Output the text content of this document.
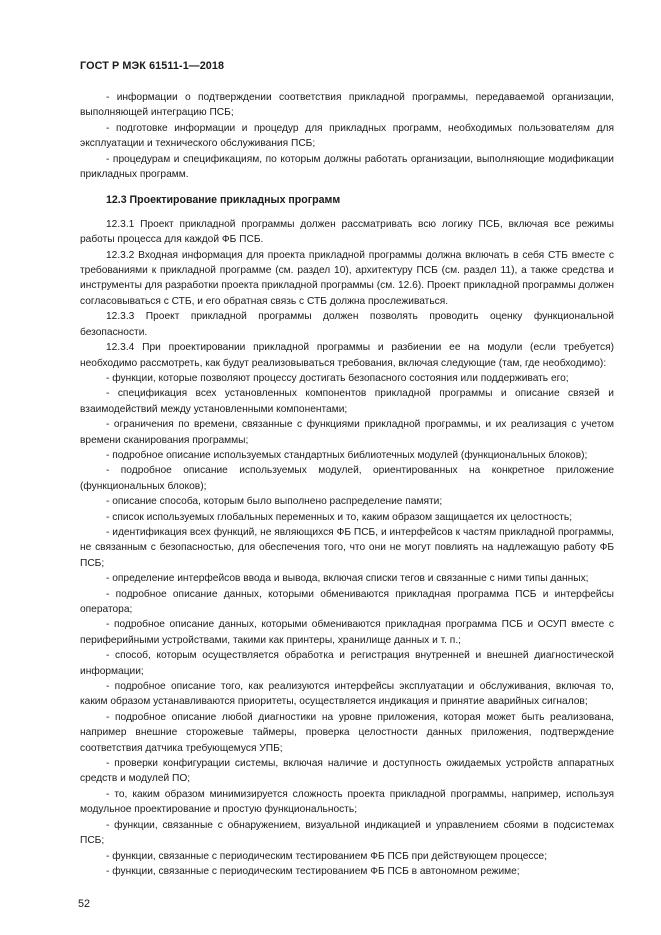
ГОСТ Р МЭК 61511-1—2018

- информации о подтверждении соответствия прикладной программы, передаваемой организации, выполняющей интеграцию ПСБ;

- подготовке информации и процедур для прикладных программ, необходимых пользователям для эксплуатации и технического обслуживания ПСБ;

- процедурам и спецификациям, по которым должны работать организации, выполняющие модификации прикладных программ.

12.3 Проектирование прикладных программ

12.3.1 Проект прикладной программы должен рассматривать всю логику ПСБ, включая все режимы работы процесса для каждой ФБ ПСБ.

12.3.2 Входная информация для проекта прикладной программы должна включать в себя СТБ вместе с требованиями к прикладной программе (см. раздел 10), архитектуру ПСБ (см. раздел 11), а также средства и инструменты для разработки проекта прикладной программы (см. 12.6). Проект прикладной программы должен согласовываться с СТБ, и его обратная связь с СТБ должна прослеживаться.

12.3.3 Проект прикладной программы должен позволять проводить оценку функциональной безопасности.

12.3.4 При проектировании прикладной программы и разбиении ее на модули (если требуется) необходимо рассмотреть, как будут реализовываться требования, включая следующие (там, где необходимо):

- функции, которые позволяют процессу достигать безопасного состояния или поддерживать его;

- спецификация всех установленных компонентов прикладной программы и описание связей и взаимодействий между установленными компонентами;

- ограничения по времени, связанные с функциями прикладной программы, и их реализация с учетом времени сканирования программы;

- подробное описание используемых стандартных библиотечных модулей (функциональных блоков);

- подробное описание используемых модулей, ориентированных на конкретное приложение (функциональных блоков);

- описание способа, которым было выполнено распределение памяти;

- список используемых глобальных переменных и то, каким образом защищается их целостность;

- идентификация всех функций, не являющихся ФБ ПСБ, и интерфейсов к частям прикладной программы, не связанным с безопасностью, для обеспечения того, что они не могут повлиять на надлежащую работу ФБ ПСБ;

- определение интерфейсов ввода и вывода, включая списки тегов и связанные с ними типы данных;

- подробное описание данных, которыми обмениваются прикладная программа ПСБ и интерфейсы оператора;

- подробное описание данных, которыми обмениваются прикладная программа ПСБ и ОСУП вместе с периферийными устройствами, такими как принтеры, хранилище данных и т. п.;

- способ, которым осуществляется обработка и регистрация внутренней и внешней диагностической информации;

- подробное описание того, как реализуются интерфейсы эксплуатации и обслуживания, включая то, каким образом устанавливаются приоритеты, осуществляется индикация и принятие аварийных сигналов;

- подробное описание любой диагностики на уровне приложения, которая может быть реализована, например внешние сторожевые таймеры, проверка целостности данных приложения, подтверждение соответствия датчика требующемуся УПБ;

- проверки конфигурации системы, включая наличие и доступность ожидаемых устройств аппаратных средств и модулей ПО;

- то, каким образом минимизируется сложность проекта прикладной программы, например, используя модульное проектирование и простую функциональность;

- функции, связанные с обнаружением, визуальной индикацией и управлением сбоями в подсистемах ПСБ;

- функции, связанные с периодическим тестированием ФБ ПСБ при действующем процессе;

- функции, связанные с периодическим тестированием ФБ ПСБ в автономном режиме;

52
